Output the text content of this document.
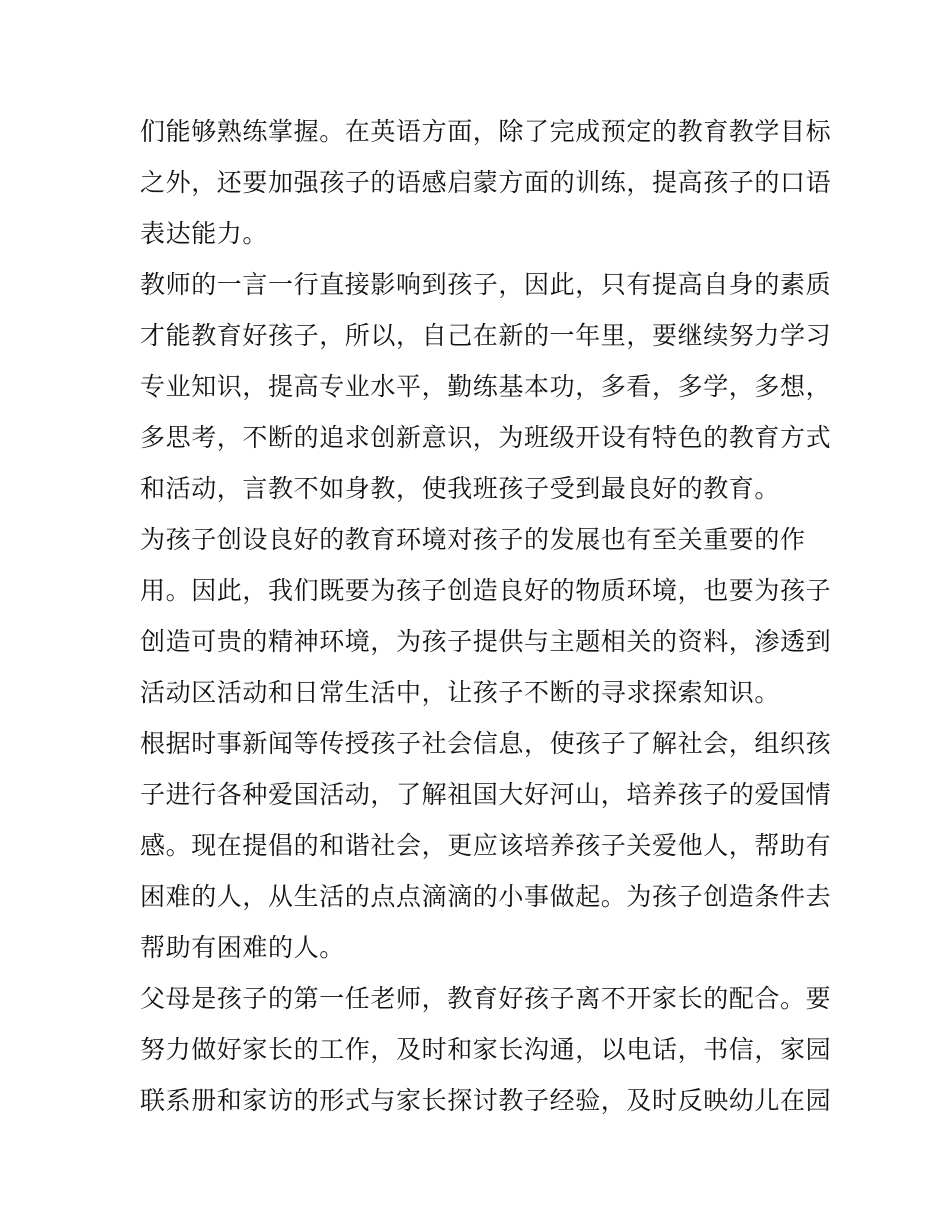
们能够熟练掌握。在英语方面，除了完成预定的教育教学目标
之外，还要加强孩子的语感启蒙方面的训练，提高孩子的口语
表达能力。
教师的一言一行直接影响到孩子，因此，只有提高自身的素质
才能教育好孩子，所以，自己在新的一年里，要继续努力学习
专业知识，提高专业水平，勤练基本功，多看，多学，多想，
多思考，不断的追求创新意识，为班级开设有特色的教育方式
和活动，言教不如身教，使我班孩子受到最良好的教育。
为孩子创设良好的教育环境对孩子的发展也有至关重要的作
用。因此，我们既要为孩子创造良好的物质环境，也要为孩子
创造可贵的精神环境，为孩子提供与主题相关的资料，渗透到
活动区活动和日常生活中，让孩子不断的寻求探索知识。
根据时事新闻等传授孩子社会信息，使孩子了解社会，组织孩
子进行各种爱国活动，了解祖国大好河山，培养孩子的爱国情
感。现在提倡的和谐社会，更应该培养孩子关爱他人，帮助有
困难的人，从生活的点点滴滴的小事做起。为孩子创造条件去
帮助有困难的人。
父母是孩子的第一任老师，教育好孩子离不开家长的配合。要
努力做好家长的工作，及时和家长沟通，以电话，书信，家园
联系册和家访的形式与家长探讨教子经验，及时反映幼儿在园
